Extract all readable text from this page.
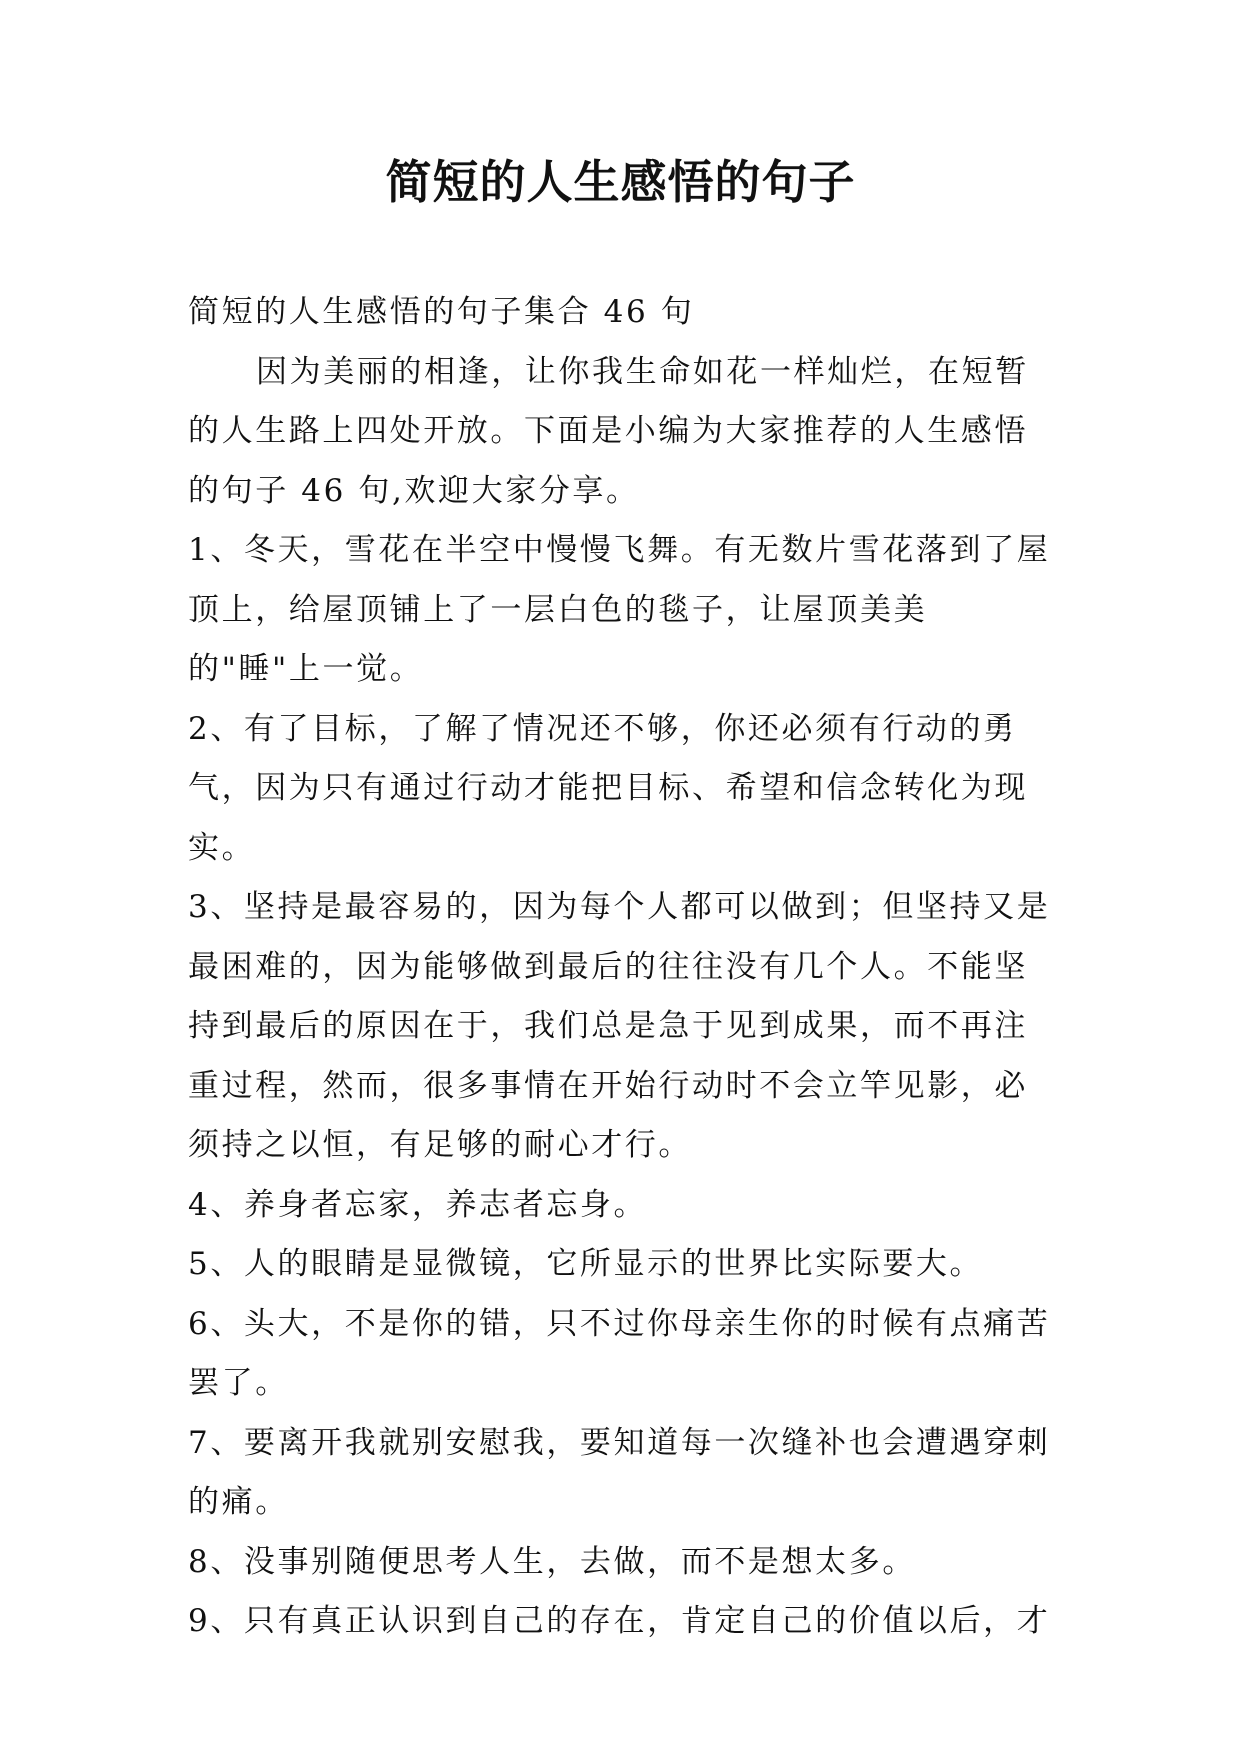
简短的人生感悟的句子

简短的人生感悟的句子集合 46 句

因为美丽的相逢，让你我生命如花一样灿烂，在短暂的人生路上四处开放。下面是小编为大家推荐的人生感悟的句子 46 句,欢迎大家分享。

1、冬天，雪花在半空中慢慢飞舞。有无数片雪花落到了屋顶上，给屋顶铺上了一层白色的毯子，让屋顶美美的"睡"上一觉。

2、有了目标，了解了情况还不够，你还必须有行动的勇气，因为只有通过行动才能把目标、希望和信念转化为现实。

3、坚持是最容易的，因为每个人都可以做到；但坚持又是最困难的，因为能够做到最后的往往没有几个人。不能坚持到最后的原因在于，我们总是急于见到成果，而不再注重过程，然而，很多事情在开始行动时不会立竿见影，必须持之以恒，有足够的耐心才行。

4、养身者忘家，养志者忘身。

5、人的眼睛是显微镜，它所显示的世界比实际要大。

6、头大，不是你的错，只不过你母亲生你的时候有点痛苦罢了。

7、要离开我就别安慰我，要知道每一次缝补也会遭遇穿刺的痛。

8、没事别随便思考人生，去做，而不是想太多。

9、只有真正认识到自己的存在，肯定自己的价值以后，才
